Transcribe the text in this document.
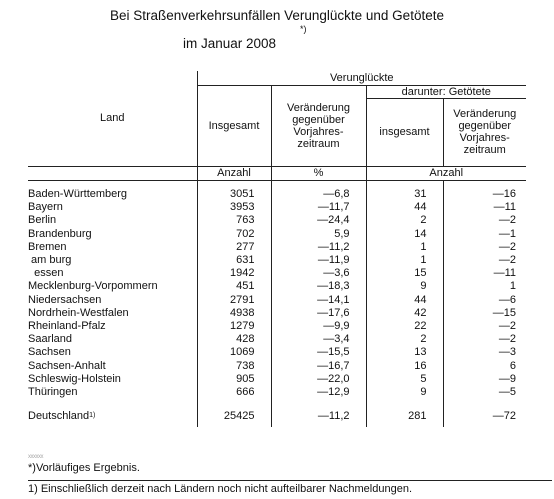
Bei Straßenverkehrsunfällen Verunglückte und Getötete
*)
im Januar 2008
Land	Verunglückte			
	Insgesamt	Veränderung gegenüber Vorjahres-zeitraum	darunter: Getötete	
			insgesamt	Veränderung gegenüber Vorjahres-zeitraum
	Anzahl	%	Anzahl	

Baden-Württemberg	3051	—6,8	31	—16
Bayern	3953	—11,7	44	—11
Berlin	763	—24,4	2	—2
Brandenburg	702	5,9	14	—1
Bremen	277	—11,2	1	—2
am burg	631	—11,9	1	—2
essen	1942	—3,6	15	—11
Mecklenburg-Vorpommern	451	—18,3	9	1
Niedersachsen	2791	—14,1	44	—6
Nordrhein-Westfalen	4938	—17,6	42	—15
Rheinland-Pfalz	1279	—9,9	22	—2
Saarland	428	—3,4	2	—2
Sachsen	1069	—15,5	13	—3
Sachsen-Anhalt	738	—16,7	16	6
Schleswig-Holstein	905	—22,0	5	—9
Thüringen	666	—12,9	9	—5

Deutschland$^{1)}$	25425	—11,2	281	—72

xxxxxx
*)Vorläufiges Ergebnis.
1) Einschließlich derzeit nach Ländern noch nicht aufteilbarer Nachmeldungen.
